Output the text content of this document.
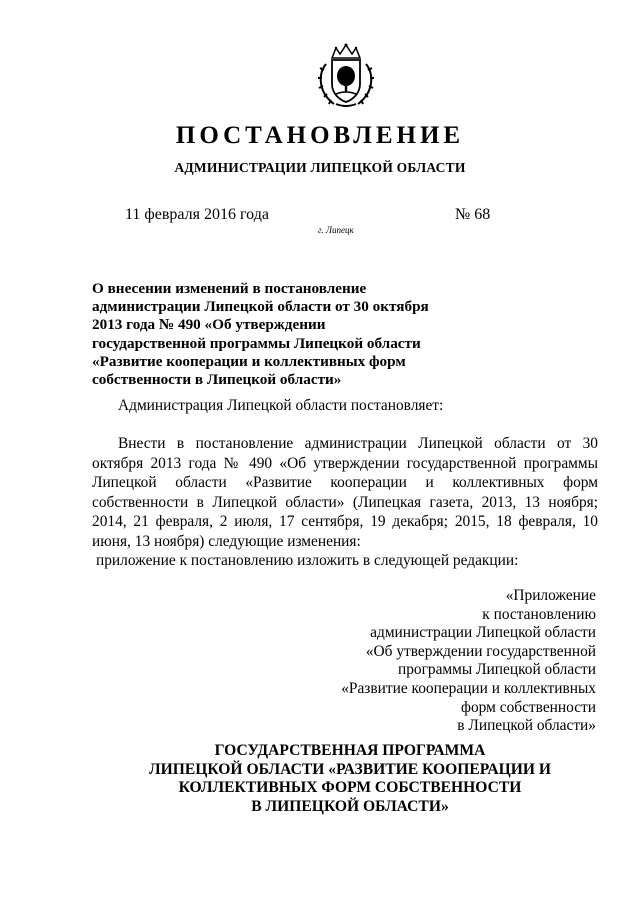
ПОСТАНОВЛЕНИЕ
АДМИНИСТРАЦИИ ЛИПЕЦКОЙ ОБЛАСТИ
11 февраля 2016 года
г. Липецк
№ 68
О внесении изменений в постановление
администрации Липецкой области от 30 октября
2013 года № 490 «Об утверждении
государственной программы Липецкой области
«Развитие кооперации и коллективных форм
собственности в Липецкой области»
Администрация Липецкой области постановляет:
Внести в постановление администрации Липецкой области от 30 октября 2013 года № 490 «Об утверждении государственной программы Липецкой области «Развитие кооперации и коллективных форм собственности в Липецкой области» (Липецкая газета, 2013, 13 ноября; 2014, 21 февраля, 2 июля, 17 сентября, 19 декабря; 2015, 18 февраля, 10 июня, 13 ноября) следующие изменения:
приложение к постановлению изложить в следующей редакции:
«Приложение
к постановлению
администрации Липецкой области
«Об утверждении государственной
программы Липецкой области
«Развитие кооперации и коллективных
форм собственности
в Липецкой области»
ГОСУДАРСТВЕННАЯ ПРОГРАММА
ЛИПЕЦКОЙ ОБЛАСТИ «РАЗВИТИЕ КООПЕРАЦИИ И
КОЛЛЕКТИВНЫХ ФОРМ СОБСТВЕННОСТИ
В ЛИПЕЦКОЙ ОБЛАСТИ»
